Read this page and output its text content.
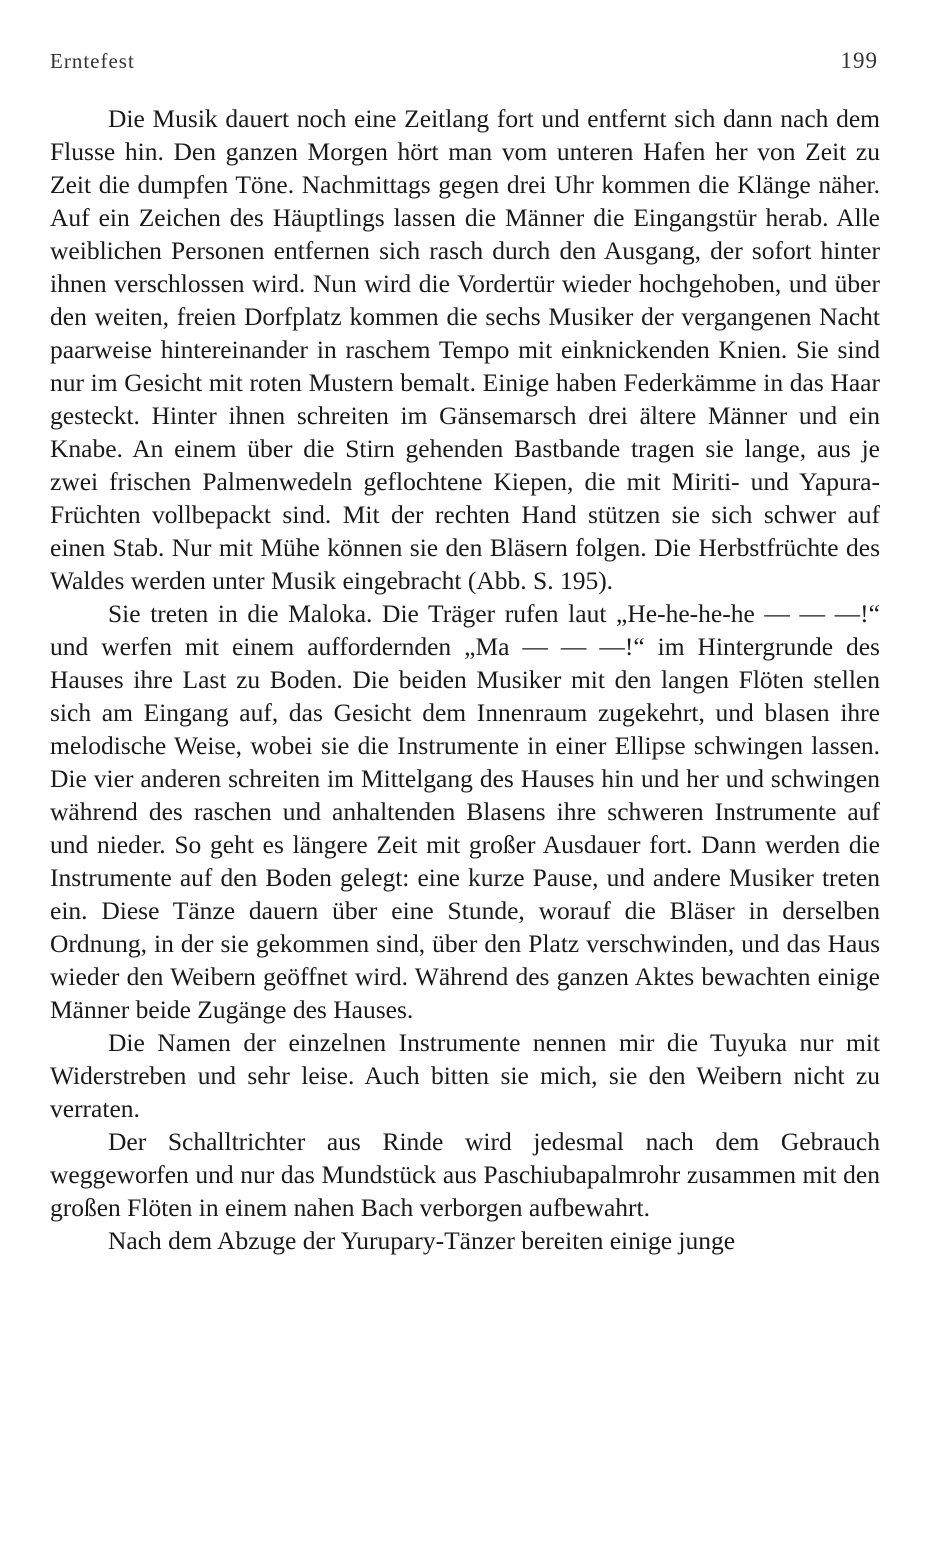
Erntefest	199

Die Musik dauert noch eine Zeitlang fort und entfernt sich dann nach dem Flusse hin. Den ganzen Morgen hört man vom unteren Hafen her von Zeit zu Zeit die dumpfen Töne. Nachmittags gegen drei Uhr kommen die Klänge näher. Auf ein Zeichen des Häuptlings lassen die Männer die Eingangstür herab. Alle weiblichen Personen entfernen sich rasch durch den Ausgang, der sofort hinter ihnen verschlossen wird. Nun wird die Vordertür wieder hochgehoben, und über den weiten, freien Dorfplatz kommen die sechs Musiker der vergangenen Nacht paarweise hintereinander in raschem Tempo mit einknickenden Knien. Sie sind nur im Gesicht mit roten Mustern bemalt. Einige haben Federkämme in das Haar gesteckt. Hinter ihnen schreiten im Gänsemarsch drei ältere Männer und ein Knabe. An einem über die Stirn gehenden Bastbande tragen sie lange, aus je zwei frischen Palmenwedeln geflochtene Kiepen, die mit Miriti- und Yapura-Früchten vollbepackt sind. Mit der rechten Hand stützen sie sich schwer auf einen Stab. Nur mit Mühe können sie den Bläsern folgen. Die Herbstfrüchte des Waldes werden unter Musik eingebracht (Abb. S. 195).

Sie treten in die Maloka. Die Träger rufen laut „He-he-he-he — — —!“ und werfen mit einem auffordernden „Ma — — —!“ im Hintergrunde des Hauses ihre Last zu Boden. Die beiden Musiker mit den langen Flöten stellen sich am Eingang auf, das Gesicht dem Innenraum zugekehrt, und blasen ihre melodische Weise, wobei sie die Instrumente in einer Ellipse schwingen lassen. Die vier anderen schreiten im Mittelgang des Hauses hin und her und schwingen während des raschen und anhaltenden Blasens ihre schweren Instrumente auf und nieder. So geht es längere Zeit mit großer Ausdauer fort. Dann werden die Instrumente auf den Boden gelegt: eine kurze Pause, und andere Musiker treten ein. Diese Tänze dauern über eine Stunde, worauf die Bläser in derselben Ordnung, in der sie gekommen sind, über den Platz verschwinden, und das Haus wieder den Weibern geöffnet wird. Während des ganzen Aktes bewachten einige Männer beide Zugänge des Hauses.

Die Namen der einzelnen Instrumente nennen mir die Tuyuka nur mit Widerstreben und sehr leise. Auch bitten sie mich, sie den Weibern nicht zu verraten.

Der Schalltrichter aus Rinde wird jedesmal nach dem Gebrauch weggeworfen und nur das Mundstück aus Paschiubapalmrohr zusammen mit den großen Flöten in einem nahen Bach verborgen aufbewahrt.

Nach dem Abzuge der Yurupary-Tänzer bereiten einige junge
